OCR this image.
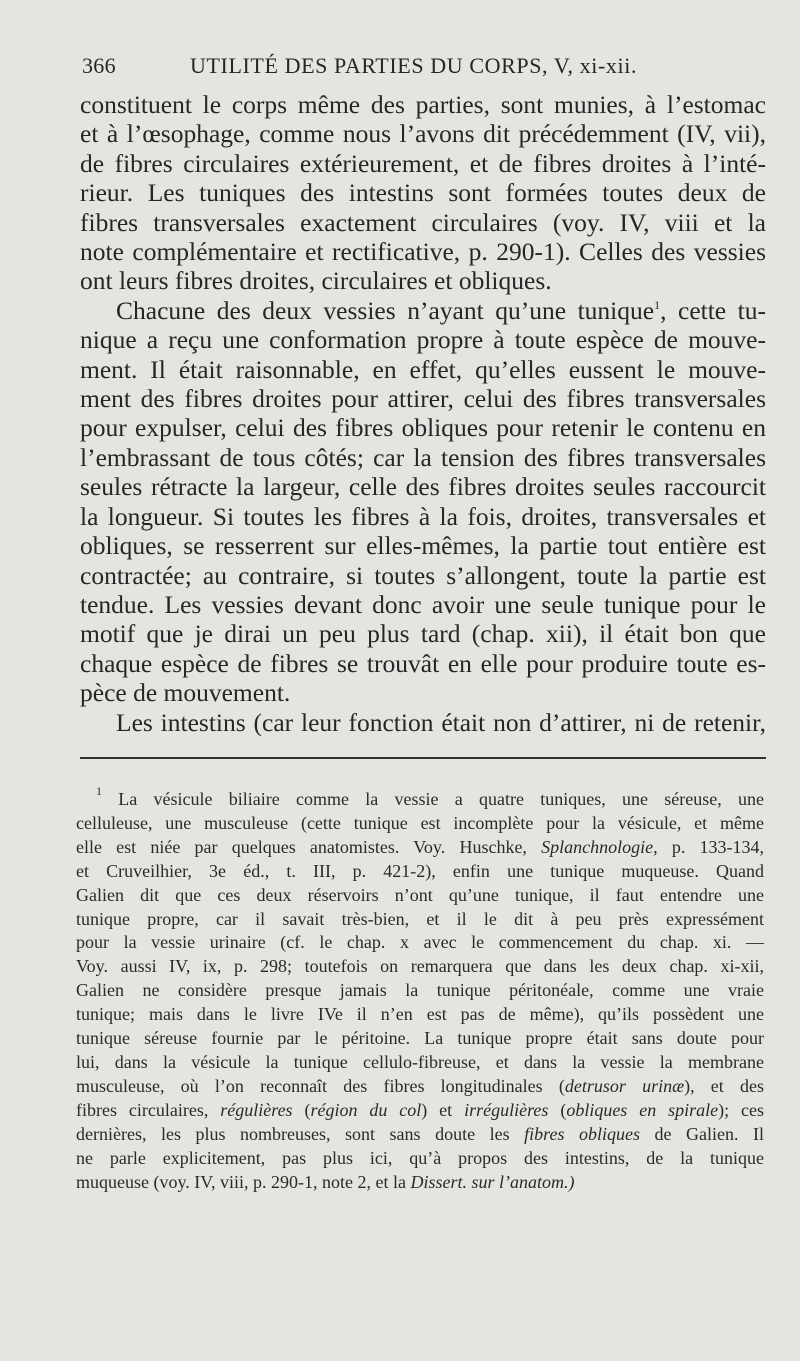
366	UTILITÉ DES PARTIES DU CORPS, V, xi-xii.

constituent le corps même des parties, sont munies, à l’estomac
et à l’œsophage, comme nous l’avons dit précédemment (IV, vii),
de fibres circulaires extérieurement, et de fibres droites à l’inté-
rieur. Les tuniques des intestins sont formées toutes deux de
fibres transversales exactement circulaires (voy. IV, viii et la
note complémentaire et rectificative, p. 290-1). Celles des vessies
ont leurs fibres droites, circulaires et obliques.

Chacune des deux vessies n’ayant qu’une tunique$^1$, cette tu-
nique a reçu une conformation propre à toute espèce de mouve-
ment. Il était raisonnable, en effet, qu’elles eussent le mouve-
ment des fibres droites pour attirer, celui des fibres transversales
pour expulser, celui des fibres obliques pour retenir le contenu en
l’embrassant de tous côtés; car la tension des fibres transversales
seules rétracte la largeur, celle des fibres droites seules raccourcit
la longueur. Si toutes les fibres à la fois, droites, transversales et
obliques, se resserrent sur elles-mêmes, la partie tout entière est
contractée; au contraire, si toutes s’allongent, toute la partie est
tendue. Les vessies devant donc avoir une seule tunique pour le
motif que je dirai un peu plus tard (chap. xii), il était bon que
chaque espèce de fibres se trouvât en elle pour produire toute es-
pèce de mouvement.

Les intestins (car leur fonction était non d’attirer, ni de retenir,

$^1$ La vésicule biliaire comme la vessie a quatre tuniques, une séreuse, une
celluleuse, une musculeuse (cette tunique est incomplète pour la vésicule, et même
elle est niée par quelques anatomistes. Voy. Huschke, Splanchnologie, p. 133-134,
et Cruveilhier, 3e éd., t. III, p. 421-2), enfin une tunique muqueuse. Quand
Galien dit que ces deux réservoirs n’ont qu’une tunique, il faut entendre une
tunique propre, car il savait très-bien, et il le dit à peu près expressément
pour la vessie urinaire (cf. le chap. x avec le commencement du chap. xi. —
Voy. aussi IV, ix, p. 298; toutefois on remarquera que dans les deux chap. xi-xii,
Galien ne considère presque jamais la tunique péritonéale, comme une vraie
tunique; mais dans le livre IVe il n’en est pas de même), qu’ils possèdent une
tunique séreuse fournie par le péritoine. La tunique propre était sans doute pour
lui, dans la vésicule la tunique cellulo-fibreuse, et dans la vessie la membrane
musculeuse, où l’on reconnaît des fibres longitudinales (detrusor urinæ), et des
fibres circulaires, régulières (région du col) et irrégulières (obliques en spirale); ces
dernières, les plus nombreuses, sont sans doute les fibres obliques de Galien. Il
ne parle explicitement, pas plus ici, qu’à propos des intestins, de la tunique
muqueuse (voy. IV, viii, p. 290-1, note 2, et la Dissert. sur l’anatom.)
